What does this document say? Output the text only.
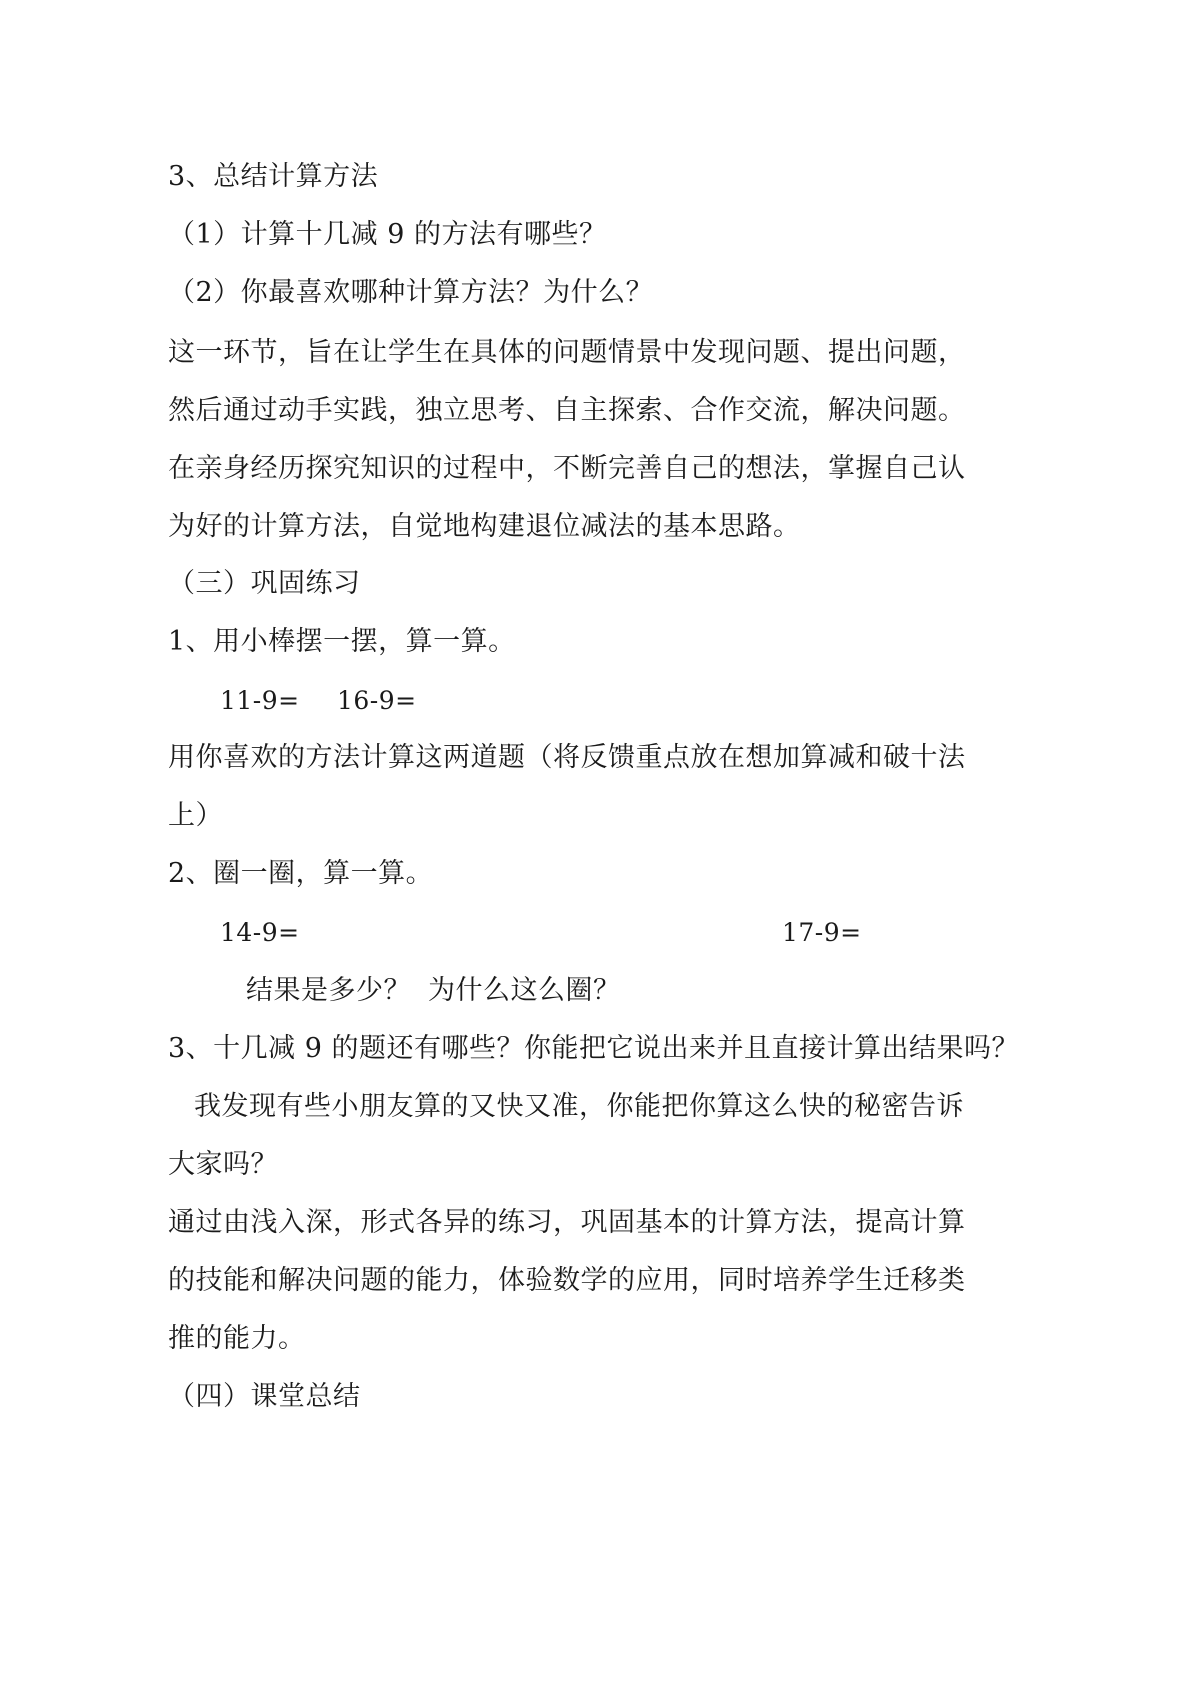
3、总结计算方法
（1）计算十几减 9 的方法有哪些？
（2）你最喜欢哪种计算方法？为什么？
这一环节，旨在让学生在具体的问题情景中发现问题、提出问题，
然后通过动手实践，独立思考、自主探索、合作交流，解决问题。
在亲身经历探究知识的过程中，不断完善自己的想法，掌握自己认
为好的计算方法，自觉地构建退位减法的基本思路。
（三）巩固练习
1、用小棒摆一摆，算一算。
11-9= 16-9=
用你喜欢的方法计算这两道题（将反馈重点放在想加算减和破十法
上）
2、圈一圈，算一算。
14-9=	17-9=
结果是多少？ 为什么这么圈？
3、十几减 9 的题还有哪些？你能把它说出来并且直接计算出结果吗？
我发现有些小朋友算的又快又准，你能把你算这么快的秘密告诉
大家吗？
通过由浅入深，形式各异的练习，巩固基本的计算方法，提高计算
的技能和解决问题的能力，体验数学的应用，同时培养学生迁移类
推的能力。
（四）课堂总结
